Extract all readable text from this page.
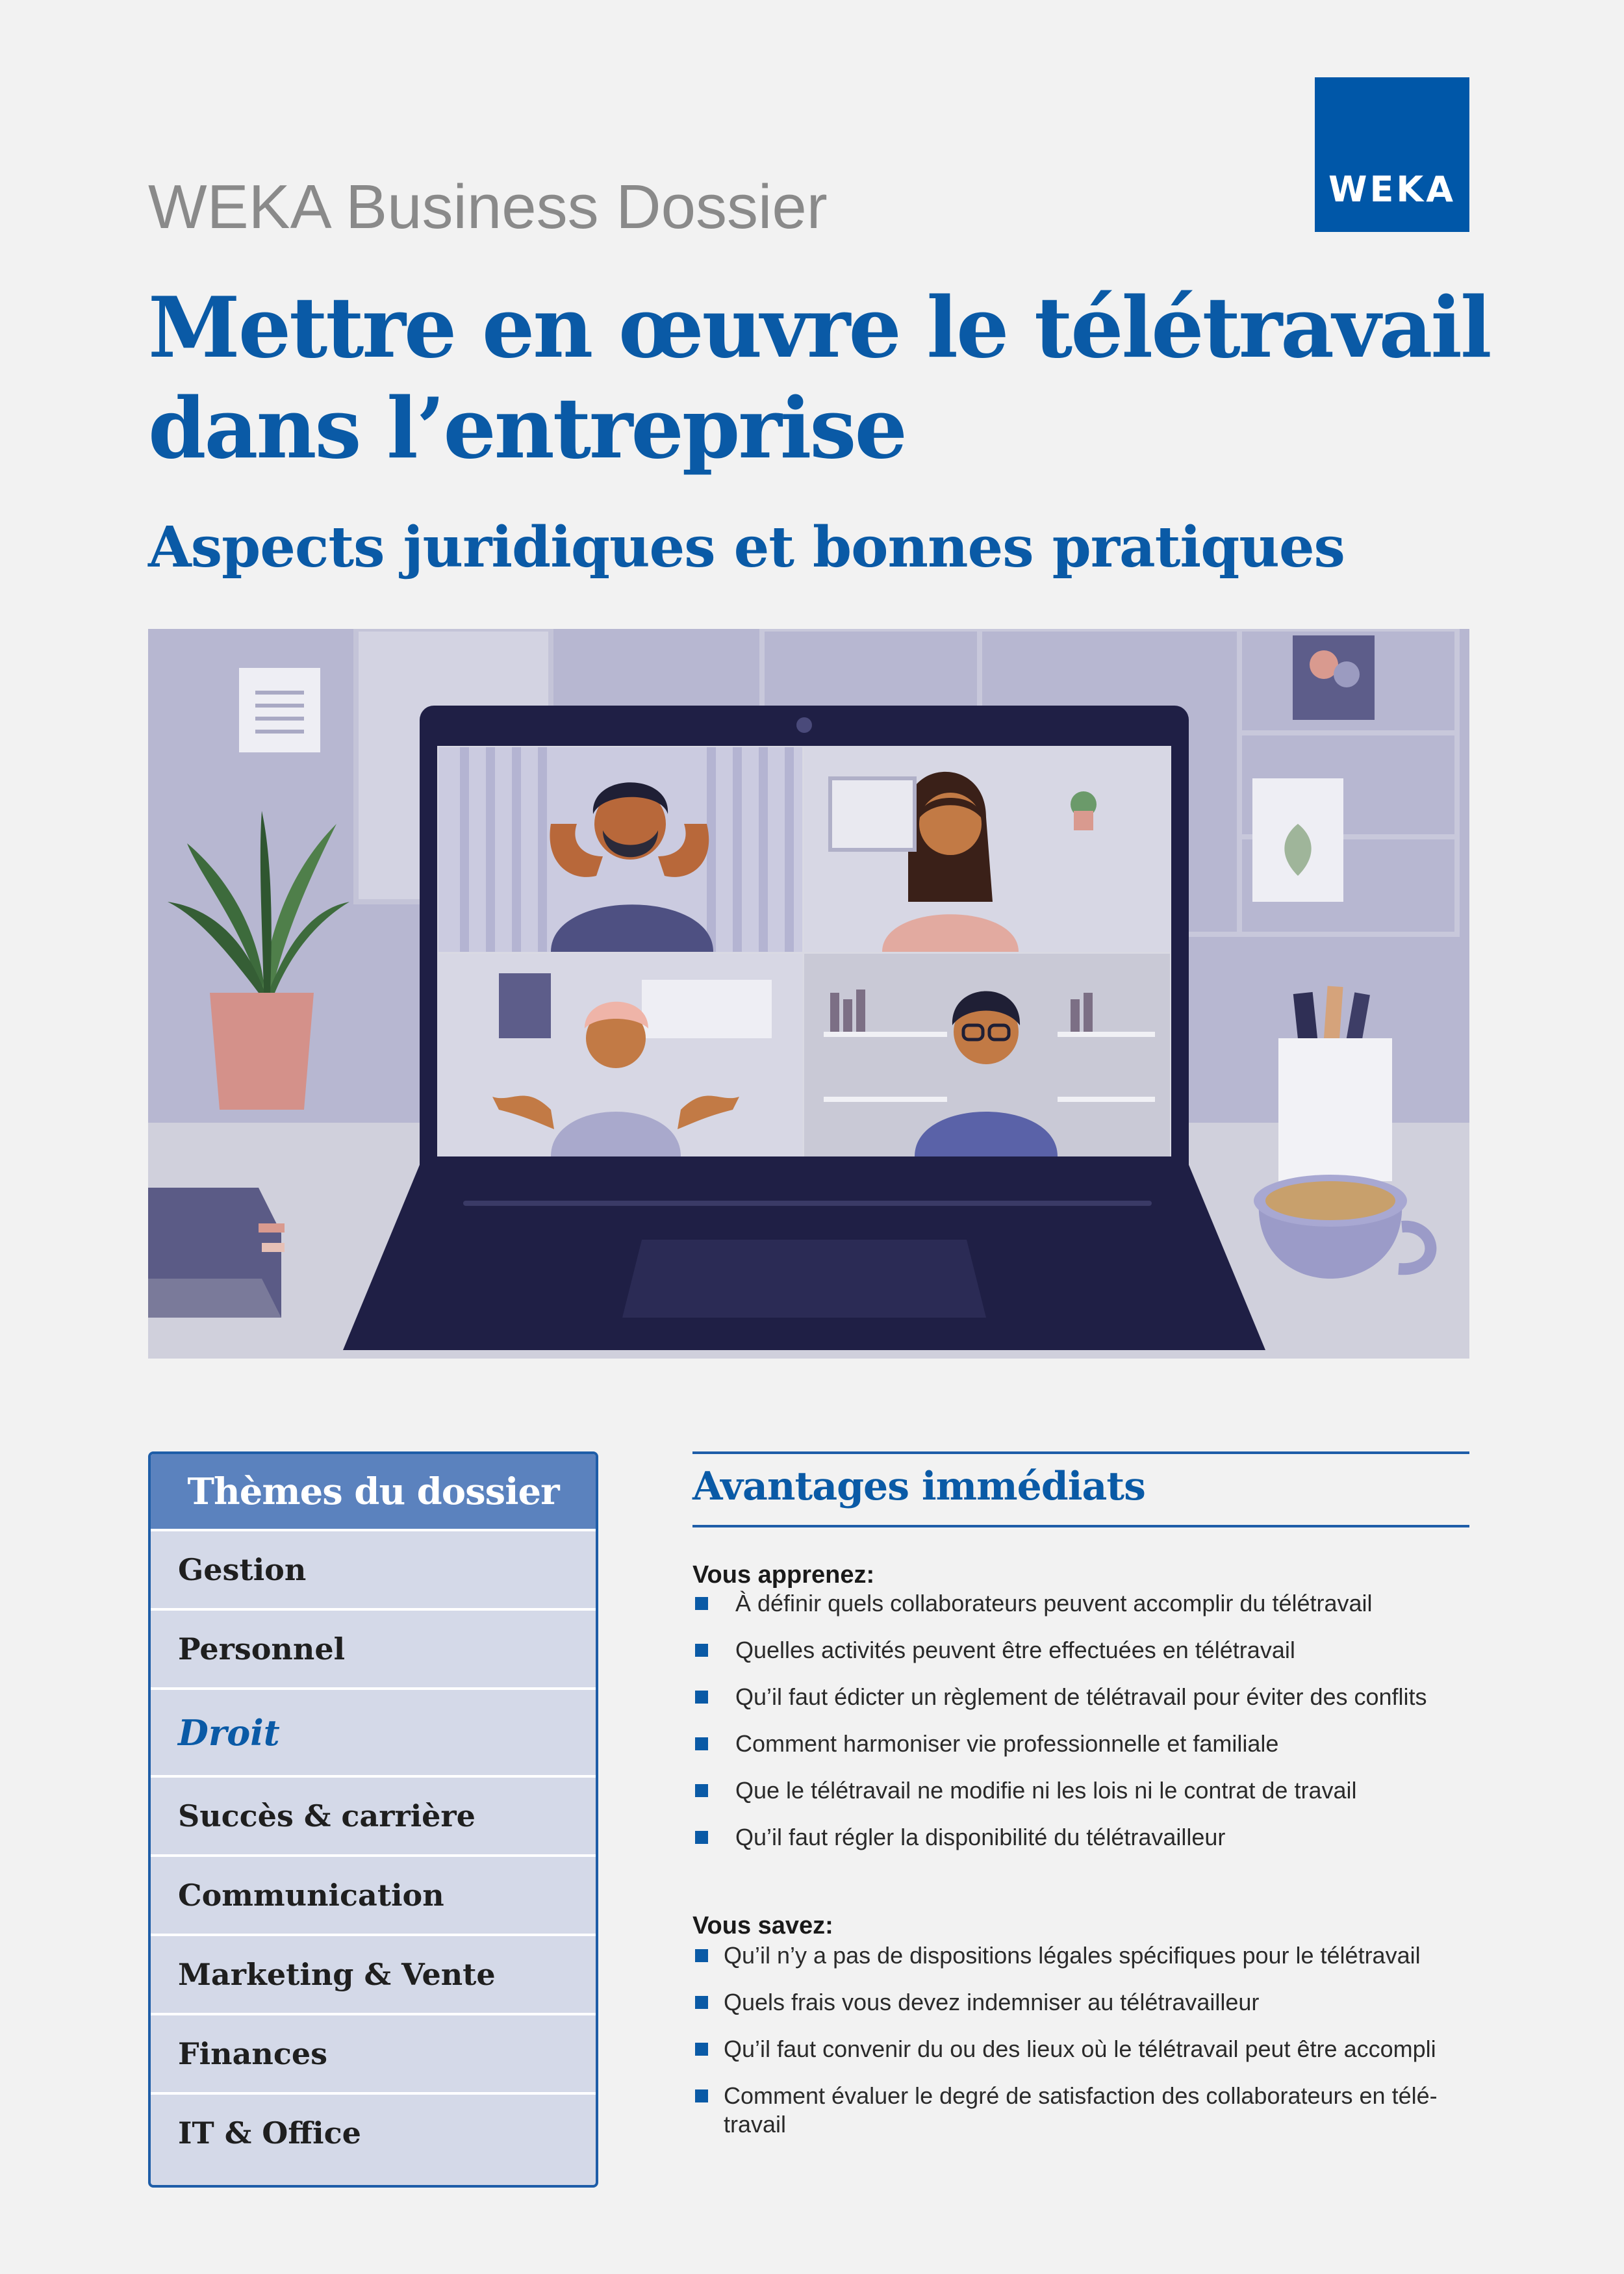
WEKA Business Dossier	WEKA
Mettre en œuvre le télétravail
dans l’entreprise
Aspects juridiques et bonnes pratiques
Thèmes du dossier
Gestion
Personnel
Droit
Succès & carrière
Communication
Marketing & Vente
Finances
IT & Office
Avantages immédiats
Vous apprenez:
À définir quels collaborateurs peuvent accomplir du télétravail
Quelles activités peuvent être effectuées en télétravail
Qu’il faut édicter un règlement de télétravail pour éviter des conflits
Comment harmoniser vie professionnelle et familiale
Que le télétravail ne modifie ni les lois ni le contrat de travail
Qu’il faut régler la disponibilité du télétravailleur
Vous savez:
Qu’il n’y a pas de dispositions légales spécifiques pour le télétravail
Quels frais vous devez indemniser au télétravailleur
Qu’il faut convenir du ou des lieux où le télétravail peut être accompli
Comment évaluer le degré de satisfaction des collaborateurs en télé-travail
